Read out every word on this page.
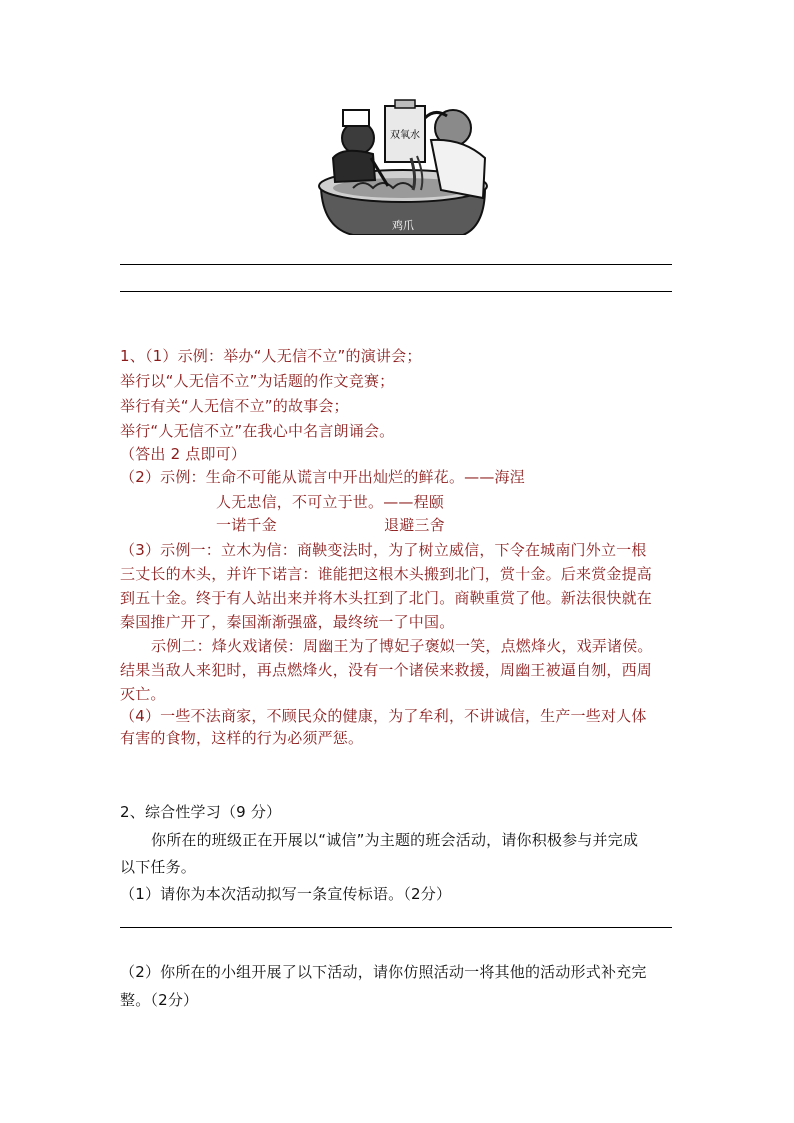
双氧水
鸡爪
1、（1）示例：举办“人无信不立”的演讲会；
举行以“人无信不立”为话题的作文竞赛；
举行有关“人无信不立”的故事会；
举行“人无信不立”在我心中名言朗诵会。
（答出 2 点即可）
（2）示例：生命不可能从谎言中开出灿烂的鲜花。——海涅
人无忠信，不可立于世。——程颐
一诺千金	退避三舍
（3）示例一：立木为信：商鞅变法时，为了树立威信，下令在城南门外立一根
三丈长的木头，并许下诺言：谁能把这根木头搬到北门，赏十金。后来赏金提高
到五十金。终于有人站出来并将木头扛到了北门。商鞅重赏了他。新法很快就在
秦国推广开了，秦国渐渐强盛，最终统一了中国。
示例二：烽火戏诸侯：周幽王为了博妃子褒姒一笑，点燃烽火，戏弄诸侯。
结果当敌人来犯时，再点燃烽火，没有一个诸侯来救援，周幽王被逼自刎，西周
灭亡。
（4）一些不法商家，不顾民众的健康，为了牟利，不讲诚信，生产一些对人体
有害的食物，这样的行为必须严惩。
2、综合性学习（9 分）
你所在的班级正在开展以“诚信”为主题的班会活动，请你积极参与并完成
以下任务。
（1）请你为本次活动拟写一条宣传标语。（2分）
（2）你所在的小组开展了以下活动，请你仿照活动一将其他的活动形式补充完
整。（2分）
